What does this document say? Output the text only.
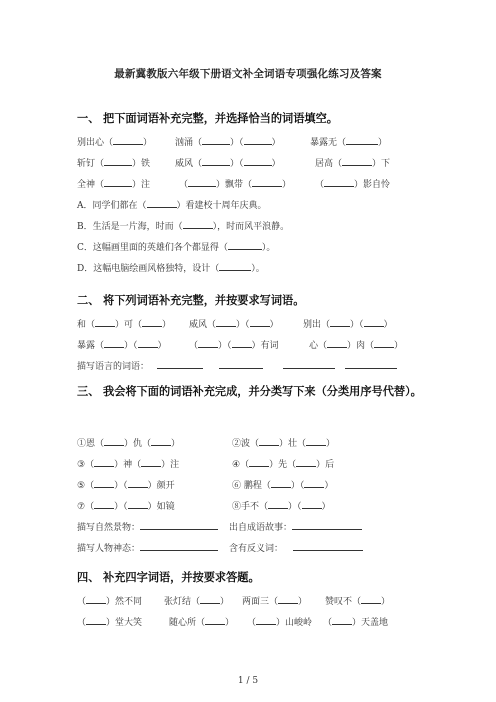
最新冀教版六年级下册语文补全词语专项强化练习及答案
一、 把下面词语补充完整，并选择恰当的词语填空。
别出心（	）	汹涌（	）（	）	暴露无（	）
斩钉（	）铁	威风（	）（	）	居高（	）下
全神（	）注	（	）飘带（	）	（	）影自怜
A．同学们都在（	）看建校十周年庆典。
B．生活是一片海，时而（	），时而风平浪静。
C．这幅画里面的英雄们各个都显得（	）。
D．这幅电脑绘画风格独特，设计（	）。
二、 将下列词语补充完整，并按要求写词语。
和（ ）可（ ） 威风（ ）（ ）	别出（ ）（ ）
暴露（ ）（ ） （ ）（ ）有词	心（ ）肉（ ）
描写语言的词语：
三、 我会将下面的词语补充完成，并分类写下来（分类用序号代替）。
①恩（ ）仇（ ）	②波（ ）壮（ ）
③（ ）神（ ）注	④（ ）先（ ）后
⑤（ ）（ ）颜开	⑥ 鹏程（ ）（ ）
⑦（ ）（ ）如镜	⑧手不（ ）（ ）
描写自然景物：	出自成语故事：
描写人物神态：	含有反义词：
四、 补充四字词语，并按要求答题。
（ ）然不同 张灯结（ ） 两面三（ ） 赞叹不（ ）
（ ）堂大笑	随心所（ ） （ ）山峻岭 （ ）天盖地
1 / 5
